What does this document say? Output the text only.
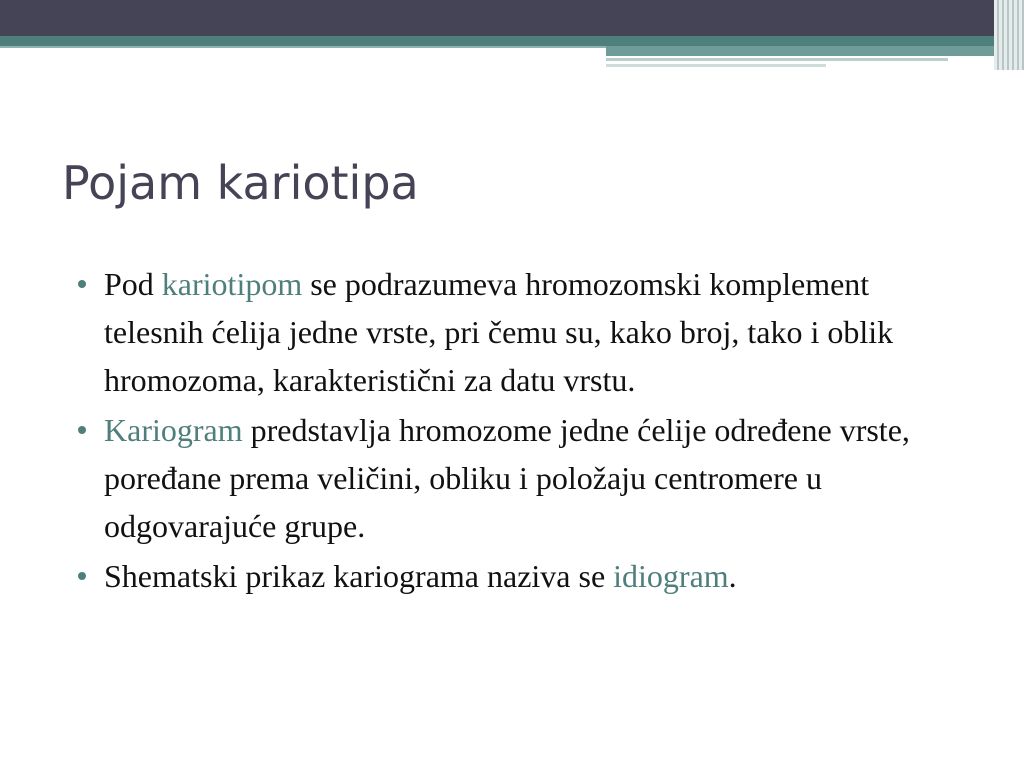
Pojam kariotipa
Pod kariotipom se podrazumeva hromozomski komplement telesnih ćelija jedne vrste, pri čemu su, kako broj, tako i oblik hromozoma, karakteristični za datu vrstu.
Kariogram predstavlja hromozome jedne ćelije određene vrste, poređane prema veličini, obliku i položaju centromere u odgovarajuće grupe.
Shematski prikaz kariograma naziva se idiogram.
